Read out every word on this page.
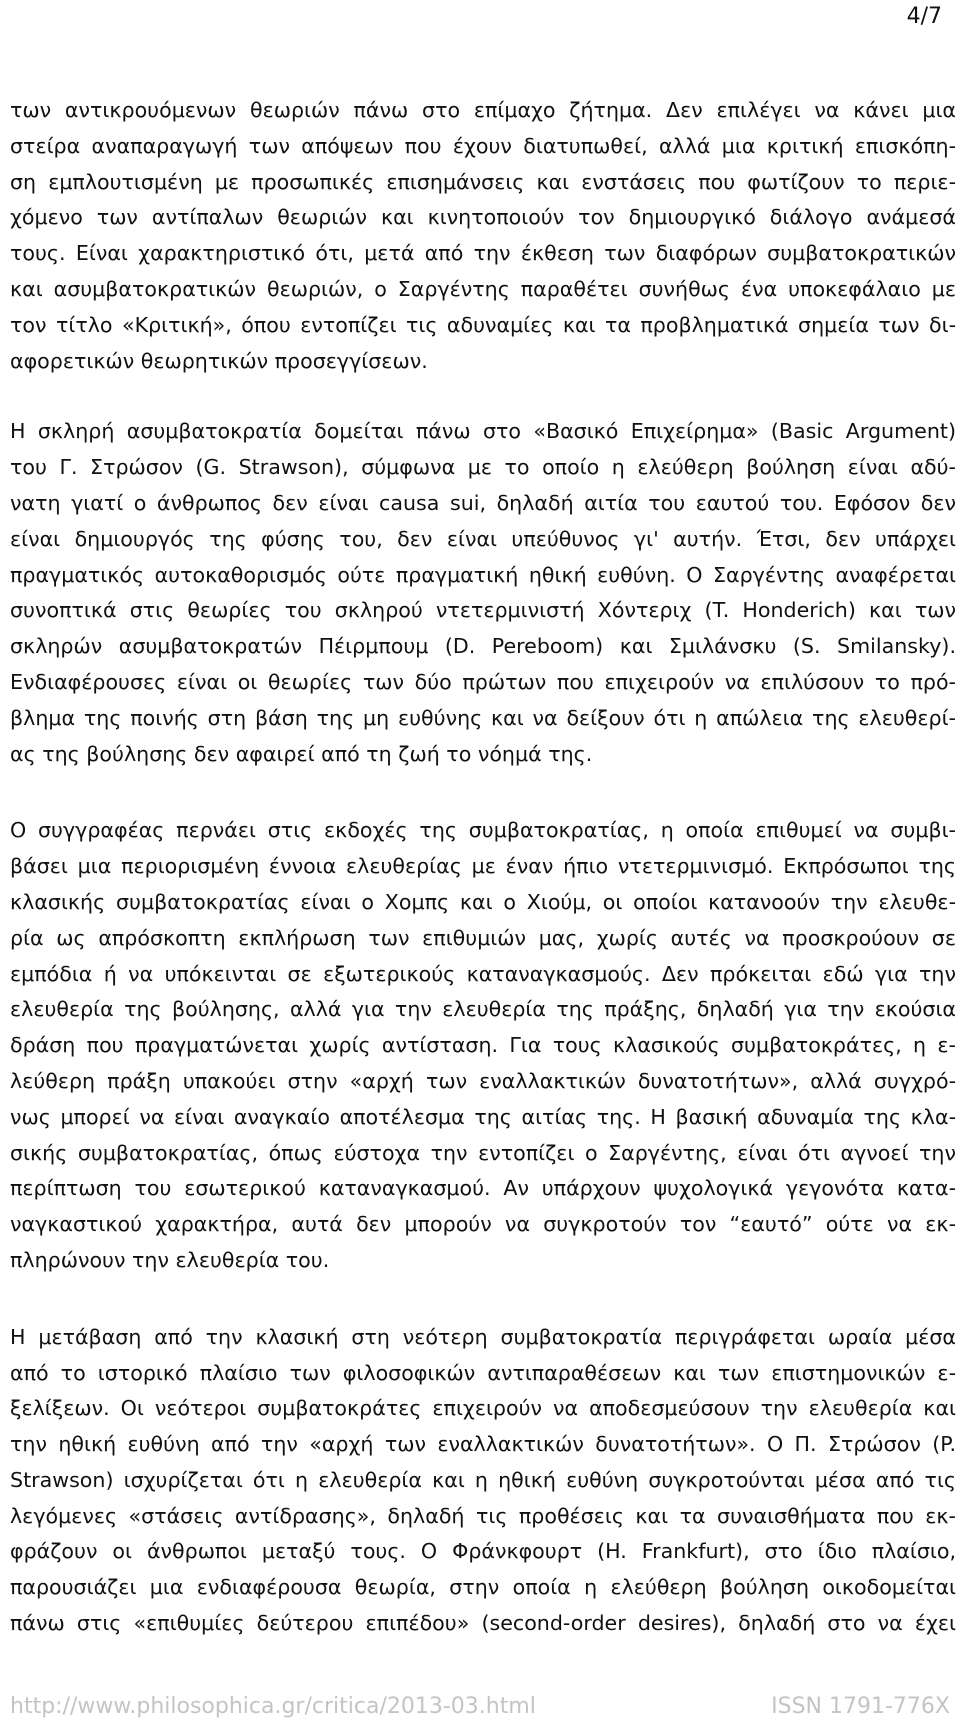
4/7
των αντικρουόμενων θεωριών πάνω στο επίμαχο ζήτημα. Δεν επιλέγει να κάνει μια
στείρα αναπαραγωγή των απόψεων που έχουν διατυπωθεί, αλλά μια κριτική επισκόπη-
ση εμπλουτισμένη με προσωπικές επισημάνσεις και ενστάσεις που φωτίζουν το περιε-
χόμενο των αντίπαλων θεωριών και κινητοποιούν τον δημιουργικό διάλογο ανάμεσά
τους. Είναι χαρακτηριστικό ότι, μετά από την έκθεση των διαφόρων συμβατοκρατικών
και ασυμβατοκρατικών θεωριών, ο Σαργέντης παραθέτει συνήθως ένα υποκεφάλαιο με
τον τίτλο «Κριτική», όπου εντοπίζει τις αδυναμίες και τα προβληματικά σημεία των δι-
αφορετικών θεωρητικών προσεγγίσεων.
Η σκληρή ασυμβατοκρατία δομείται πάνω στο «Βασικό Επιχείρημα» (Basic Argument)
του Γ. Στρώσον (G. Strawson), σύμφωνα με το οποίο η ελεύθερη βούληση είναι αδύ-
νατη γιατί ο άνθρωπος δεν είναι causa sui, δηλαδή αιτία του εαυτού του. Εφόσον δεν
είναι δημιουργός της φύσης του, δεν είναι υπεύθυνος γι' αυτήν. Έτσι, δεν υπάρχει
πραγματικός αυτοκαθορισμός ούτε πραγματική ηθική ευθύνη. Ο Σαργέντης αναφέρεται
συνοπτικά στις θεωρίες του σκληρού ντετερμινιστή Χόντεριχ (T. Honderich) και των
σκληρών ασυμβατοκρατών Πέιρμπουμ (D. Pereboom) και Σμιλάνσκυ (S. Smilansky).
Ενδιαφέρουσες είναι οι θεωρίες των δύο πρώτων που επιχειρούν να επιλύσουν το πρό-
βλημα της ποινής στη βάση της μη ευθύνης και να δείξουν ότι η απώλεια της ελευθερί-
ας της βούλησης δεν αφαιρεί από τη ζωή το νόημά της.
Ο συγγραφέας περνάει στις εκδοχές της συμβατοκρατίας, η οποία επιθυμεί να συμβι-
βάσει μια περιορισμένη έννοια ελευθερίας με έναν ήπιο ντετερμινισμό. Εκπρόσωποι της
κλασικής συμβατοκρατίας είναι ο Χομπς και ο Χιούμ, οι οποίοι κατανοούν την ελευθε-
ρία ως απρόσκοπτη εκπλήρωση των επιθυμιών μας, χωρίς αυτές να προσκρούουν σε
εμπόδια ή να υπόκεινται σε εξωτερικούς καταναγκασμούς. Δεν πρόκειται εδώ για την
ελευθερία της βούλησης, αλλά για την ελευθερία της πράξης, δηλαδή για την εκούσια
δράση που πραγματώνεται χωρίς αντίσταση. Για τους κλασικούς συμβατοκράτες, η ε-
λεύθερη πράξη υπακούει στην «αρχή των εναλλακτικών δυνατοτήτων», αλλά συγχρό-
νως μπορεί να είναι αναγκαίο αποτέλεσμα της αιτίας της. Η βασική αδυναμία της κλα-
σικής συμβατοκρατίας, όπως εύστοχα την εντοπίζει ο Σαργέντης, είναι ότι αγνοεί την
περίπτωση του εσωτερικού καταναγκασμού. Αν υπάρχουν ψυχολογικά γεγονότα κατα-
ναγκαστικού χαρακτήρα, αυτά δεν μπορούν να συγκροτούν τον “εαυτό” ούτε να εκ-
πληρώνουν την ελευθερία του.
Η μετάβαση από την κλασική στη νεότερη συμβατοκρατία περιγράφεται ωραία μέσα
από το ιστορικό πλαίσιο των φιλοσοφικών αντιπαραθέσεων και των επιστημονικών ε-
ξελίξεων. Οι νεότεροι συμβατοκράτες επιχειρούν να αποδεσμεύσουν την ελευθερία και
την ηθική ευθύνη από την «αρχή των εναλλακτικών δυνατοτήτων». Ο Π. Στρώσον (P.
Strawson) ισχυρίζεται ότι η ελευθερία και η ηθική ευθύνη συγκροτούνται μέσα από τις
λεγόμενες «στάσεις αντίδρασης», δηλαδή τις προθέσεις και τα συναισθήματα που εκ-
φράζουν οι άνθρωποι μεταξύ τους. Ο Φράνκφουρτ (H. Frankfurt), στο ίδιο πλαίσιο,
παρουσιάζει μια ενδιαφέρουσα θεωρία, στην οποία η ελεύθερη βούληση οικοδομείται
πάνω στις «επιθυμίες δεύτερου επιπέδου» (second-order desires), δηλαδή στο να έχει
http://www.philosophica.gr/critica/2013-03.html	ISSN 1791-776X
